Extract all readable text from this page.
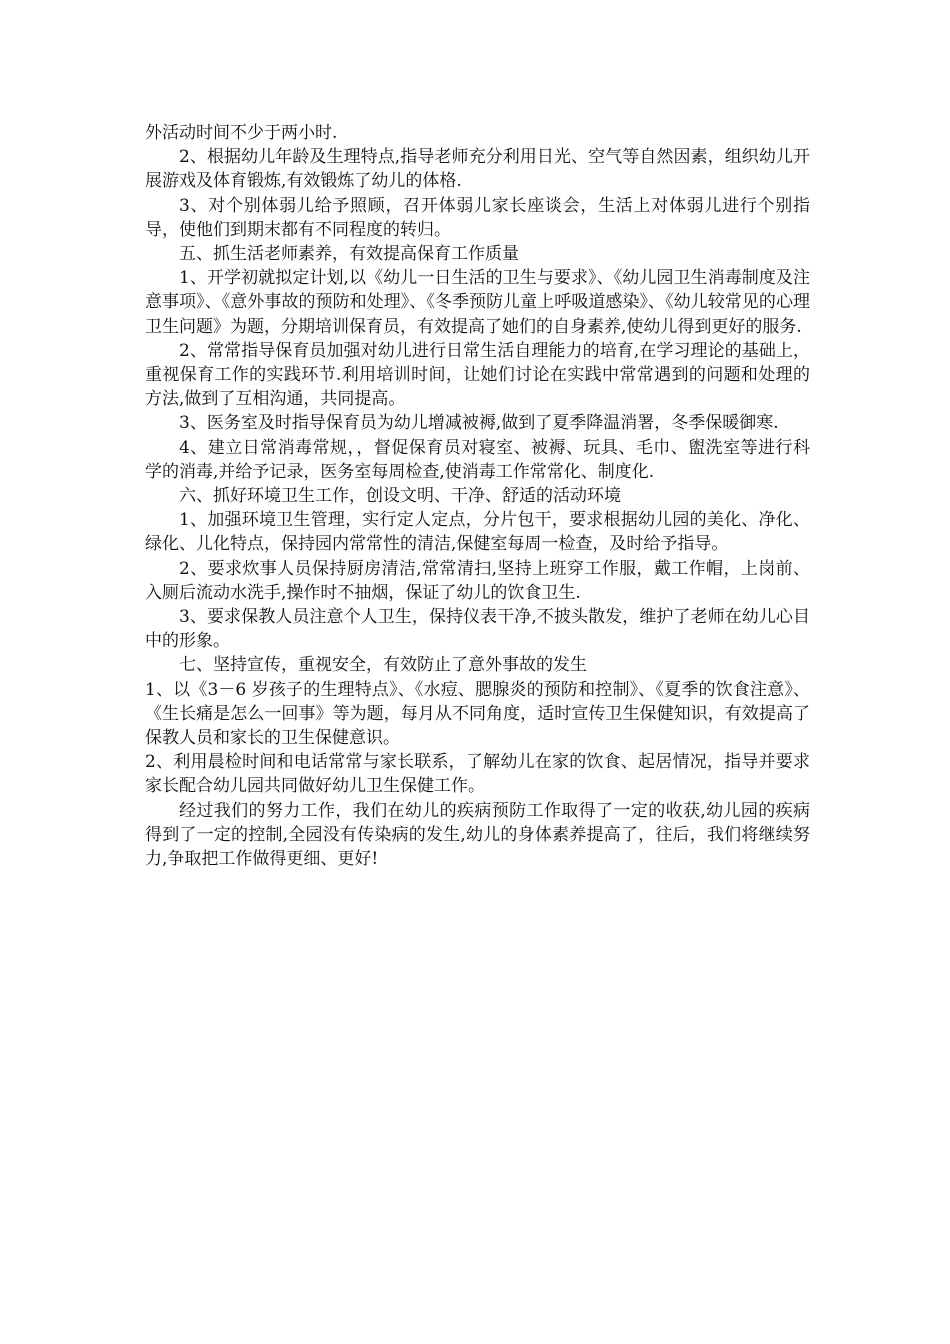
外活动时间不少于两小时.

2、根据幼儿年龄及生理特点,指导老师充分利用日光、空气等自然因素，组织幼儿开展游戏及体育锻炼,有效锻炼了幼儿的体格.

3、对个别体弱儿给予照顾，召开体弱儿家长座谈会，生活上对体弱儿进行个别指导，使他们到期末都有不同程度的转归。

五、抓生活老师素养，有效提高保育工作质量

1、开学初就拟定计划,以《幼儿一日生活的卫生与要求》、《幼儿园卫生消毒制度及注意事项》、《意外事故的预防和处理》、《冬季预防儿童上呼吸道感染》、《幼儿较常见的心理卫生问题》为题，分期培训保育员，有效提高了她们的自身素养,使幼儿得到更好的服务.

2、常常指导保育员加强对幼儿进行日常生活自理能力的培育,在学习理论的基础上，重视保育工作的实践环节.利用培训时间，让她们讨论在实践中常常遇到的问题和处理的方法,做到了互相沟通，共同提高。

3、医务室及时指导保育员为幼儿增减被褥,做到了夏季降温消署，冬季保暖御寒.

4、建立日常消毒常规，，督促保育员对寝室、被褥、玩具、毛巾、盥洗室等进行科学的消毒,并给予记录，医务室每周检查,使消毒工作常常化、制度化.

六、抓好环境卫生工作，创设文明、干净、舒适的活动环境

1、加强环境卫生管理，实行定人定点，分片包干，要求根据幼儿园的美化、净化、绿化、儿化特点，保持园内常常性的清洁,保健室每周一检查，及时给予指导。

2、要求炊事人员保持厨房清洁,常常清扫,坚持上班穿工作服，戴工作帽，上岗前、入厕后流动水洗手,操作时不抽烟，保证了幼儿的饮食卫生.

3、要求保教人员注意个人卫生，保持仪表干净,不披头散发，维护了老师在幼儿心目中的形象。

七、坚持宣传，重视安全，有效防止了意外事故的发生

1、以《3－6 岁孩子的生理特点》、《水痘、腮腺炎的预防和控制》、《夏季的饮食注意》、《生长痛是怎么一回事》等为题，每月从不同角度，适时宣传卫生保健知识，有效提高了保教人员和家长的卫生保健意识。

2、利用晨检时间和电话常常与家长联系，了解幼儿在家的饮食、起居情况，指导并要求家长配合幼儿园共同做好幼儿卫生保健工作。

经过我们的努力工作，我们在幼儿的疾病预防工作取得了一定的收获,幼儿园的疾病得到了一定的控制,全园没有传染病的发生,幼儿的身体素养提高了，往后，我们将继续努力,争取把工作做得更细、更好!
